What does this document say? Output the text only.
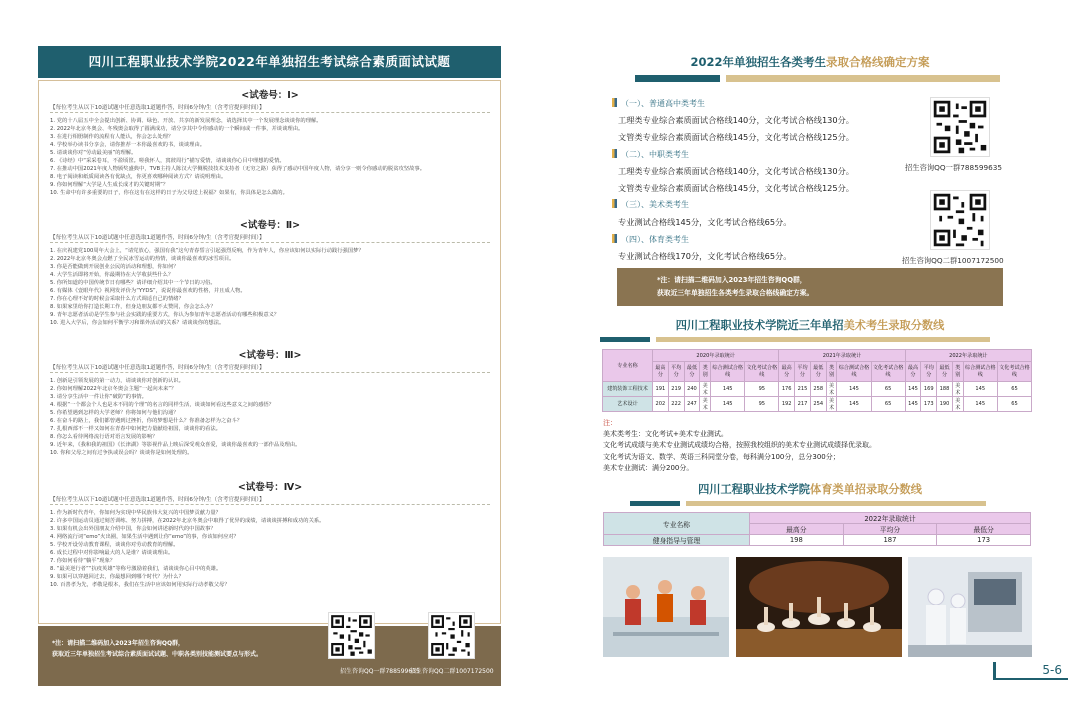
四川工程职业技术学院2022年单独招生考试综合素质面试试题
<试卷号：Ⅰ>
【每位考生从以下10道试题中任意选取1道题作答，时间6分钟/生（含考官提问时间）】
1. 党的十八届五中全会提出创新、协调、绿色、开放、共享的新发展理念，请选择其中一个发展理念谈谈你的理解。
2. 2022年北京冬奥会、冬残奥会取得了圆满成功，请分享其中令你感动的一个瞬间或一件事，并谈谈理由。
3. 在进行相册制作的流程有人能认，你会怎么处理？
4. 学校举办读书分享会，请你推荐一本你最喜欢的书，谈谈理由。
5. 请谈谈你对“劳动最美丽”的理解。
6. 《诗经》中“采采卷耳，不盈顷筐。嗟我怀人，寘彼周行”描写爱情，请谈谈你心目中理想的爱情。
7. 在推动中国2021年度人物颁奖盛典中，TVB主持人陈汉大学侧脱技技术支持者（无穷之路）获得了感动中国年度人物，请分享一则令你感动的脱贫攻坚故事。
8. 电子阅读和纸质阅读各有优缺点，你更喜欢哪种阅读方式？请说明理由。
9. 你如何理解“大学是人生成长成才的关键时期”？
10. 生命中有许多重要的日子，你在这有在这样的日子为父母送上祝福？如果有，你具体是怎么做的。
<试卷号：Ⅱ>
【每位考生从以下10道试题中任意选取1道题作答，时间6分钟/生（含考官提问时间）】
1. 在庆祝建党100周年大会上，“请党放心，强国有我”这句青春誓言引起强烈反响，作为青年人，你应该如何以实际行动践行强国梦？
2. 2022年北京冬奥会点燃了全民冰雪运动的热情，谈谈你最喜欢的冰雪项目。
3. 你是否能做到开展创业公民的活动和理想，你如何？
4. 大学生活即将开始，你最期待在大学收获些什么？
5. 你所知道的中国传统节日有哪些？请详细介绍其中一个节日的习俗。
6. 有媒体《壹眼年代》视网发评价为“YYDS”，说说你最喜欢的性格，并且成人物。
7. 你在心理不好的时候会采取什么方式调适自己的情绪？
8. 如果家里给你打造长期工作，但身边朋友都不太赞同，你会怎么办？
9. 青年志愿者活动是学生参与社会实践的重要方式，你认为参加青年志愿者活动有哪些积极意义？
10. 进入大学后，你会如何平衡学习和课外活动的关系？请谈谈你的想法。
<试卷号：Ⅲ>
【每位考生从以下10道试题中任意选取1道题作答，时间6分钟/生（含考官提问时间）】
1. 创新是引领发展的第一动力，请谈谈你对创新的认识。
2. 你如何理解2022年北京冬奥会主题“一起向未来”？
3. 请分享生活中一件让你“破防”的事情。
4. 根据“一个都会个人也是本不同的个理”的名言的同样生活，谈谈如何看这些意义之间的感悟？
5. 你希望遇到怎样的大学老师？你将如何与他们沟通？
6. 在奋斗的路上，我们都曾遇到过挫折，你的梦想是什么？你准备怎样为之奋斗？
7. 扎根西部不一样又如何在青春中如何把力量献给祖国，谈谈你的看法。
8. 你怎么看待网络流行语对语言发展的影响？
9. 近年来，《我和我的祖国》《长津湖》等影视作品上映后深受观众喜爱，谈谈你最喜欢的一部作品及理由。
10. 你和父母之间有过争执或误会吗？谈谈你是如何处理的。
<试卷号：Ⅳ>
【每位考生从以下10道试题中任意选取1道题作答，时间6分钟/生（含考官提问时间）】
1. 作为新时代青年，你如何为实现中华民族伟大复兴的中国梦贡献力量？
2. 许多中国运动员通过刻苦训练、努力拼搏，在2022年北京冬奥会中取得了优异的成绩，请谈谈拼搏和成功的关系。
3. 如果有机会出外国朋友介绍中国，你会如何讲述新时代的中国故事？
4. 网络流行词“emo”火出圈，如果生活中遇到让你“emo”的事，你该如何应对？
5. 学校开设劳动教育课程，谈谈你对劳动教育的理解。
6. 成长过程中对你影响最大的人是谁？请谈谈理由。
7. 你如何看待“躺平”现象？
8. “最美逆行者”“抗疫英雄”等称号激励着我们，请谈谈你心目中的英雄。
9. 如果可以穿越回过去，你最想回到哪个时代？为什么？
10. 百善孝为先，孝敬是根本，我们在生活中应该如何用实际行动孝敬父母？
*注：请扫描二维码加入2023年招生咨询QQ群，
获取近三年单独招生考试综合素质面试试题、中职各类别技能测试要点与形式。
招生咨询QQ一群788599635
招生咨询QQ二群1007172500
2022年单独招生各类考生录取合格线确定方案
（一）、普通高中类考生
工理类专业综合素质面试合格线140分，文化考试合格线130分。
文管类专业综合素质面试合格线145分，文化考试合格线125分。
（二）、中职类考生
工理类专业综合素质面试合格线140分，文化考试合格线130分。
文管类专业综合素质面试合格线145分，文化考试合格线125分。
（三）、美术类考生
专业测试合格线145分，文化考试合格线65分。
（四）、体育类考生
专业测试合格线170分，文化考试合格线65分。
招生咨询QQ一群788599635
招生咨询QQ二群1007172500
*注：请扫描二维码加入2023年招生咨询QQ群，
获取近三年单独招生各类考生录取合格线确定方案。
四川工程职业技术学院近三年单招美术考生录取分数线
专业名称	2020年录取统计						2021年录取统计						2022年录取统计					
	最高分	平均分	最低分	类别	综合测试合格线	文化考试合格线	最高分	平均分	最低分	类别	综合测试合格线	文化考试合格线	最高分	平均分	最低分	类别	综合测试合格线	文化考试合格线
建筑装饰工程技术	191	219	240	美术	145	95	176	215	258	美术	145	65	145	169	188	美术	145	65
艺术设计	202	222	247	美术	145	95	192	217	254	美术	145	65	145	173	190	美术	145	65
注：
美术类考生：文化考试+美术专业测试。
文化考试成绩与美术专业测试成绩均合格，按照我校组织的美术专业测试成绩择优录取。
文化考试为语文、数学、英语三科同堂分卷，每科满分100分，总分300分；
美术专业测试：满分200分。
四川工程职业技术学院体育类单招录取分数线
专业名称	2022年录取统计		
	最高分	平均分	最低分
健身指导与管理	198	187	173
5-6
